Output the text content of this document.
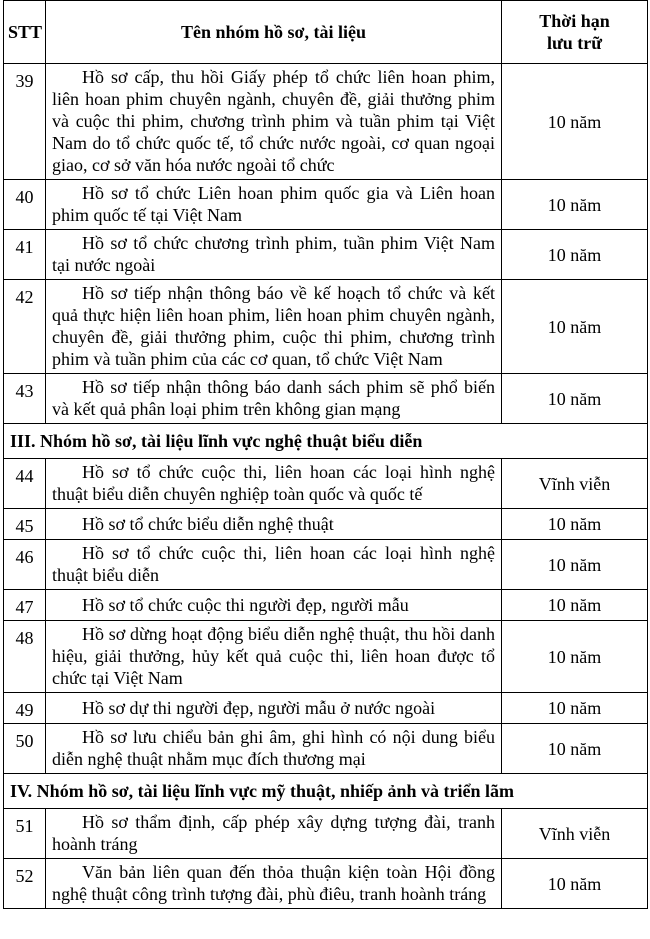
STT	Tên nhóm hồ sơ, tài liệu	Thời hạn
lưu trữ

39	Hồ sơ cấp, thu hồi Giấy phép tổ chức liên hoan phim, liên hoan phim chuyên ngành, chuyên đề, giải thưởng phim và cuộc thi phim, chương trình phim và tuần phim tại Việt Nam do tổ chức quốc tế, tổ chức nước ngoài, cơ quan ngoại giao, cơ sở văn hóa nước ngoài tổ chức	10 năm
40	Hồ sơ tổ chức Liên hoan phim quốc gia và Liên hoan phim quốc tế tại Việt Nam	10 năm
41	Hồ sơ tổ chức chương trình phim, tuần phim Việt Nam tại nước ngoài	10 năm
42	Hồ sơ tiếp nhận thông báo về kế hoạch tổ chức và kết quả thực hiện liên hoan phim, liên hoan phim chuyên ngành, chuyên đề, giải thưởng phim, cuộc thi phim, chương trình phim và tuần phim của các cơ quan, tổ chức Việt Nam	10 năm
43	Hồ sơ tiếp nhận thông báo danh sách phim sẽ phổ biến và kết quả phân loại phim trên không gian mạng	10 năm
III. Nhóm hồ sơ, tài liệu lĩnh vực nghệ thuật biểu diễn		
44	Hồ sơ tổ chức cuộc thi, liên hoan các loại hình nghệ thuật biểu diễn chuyên nghiệp toàn quốc và quốc tế	Vĩnh viễn
45	Hồ sơ tổ chức biểu diễn nghệ thuật	10 năm
46	Hồ sơ tổ chức cuộc thi, liên hoan các loại hình nghệ thuật biểu diễn	10 năm
47	Hồ sơ tổ chức cuộc thi người đẹp, người mẫu	10 năm
48	Hồ sơ dừng hoạt động biểu diễn nghệ thuật, thu hồi danh hiệu, giải thưởng, hủy kết quả cuộc thi, liên hoan được tổ chức tại Việt Nam	10 năm
49	Hồ sơ dự thi người đẹp, người mẫu ở nước ngoài	10 năm
50	Hồ sơ lưu chiểu bản ghi âm, ghi hình có nội dung biểu diễn nghệ thuật nhằm mục đích thương mại	10 năm
IV. Nhóm hồ sơ, tài liệu lĩnh vực mỹ thuật, nhiếp ảnh và triển lãm		
51	Hồ sơ thẩm định, cấp phép xây dựng tượng đài, tranh hoành tráng	Vĩnh viễn
52	Văn bản liên quan đến thỏa thuận kiện toàn Hội đồng nghệ thuật công trình tượng đài, phù điêu, tranh hoành tráng	10 năm
